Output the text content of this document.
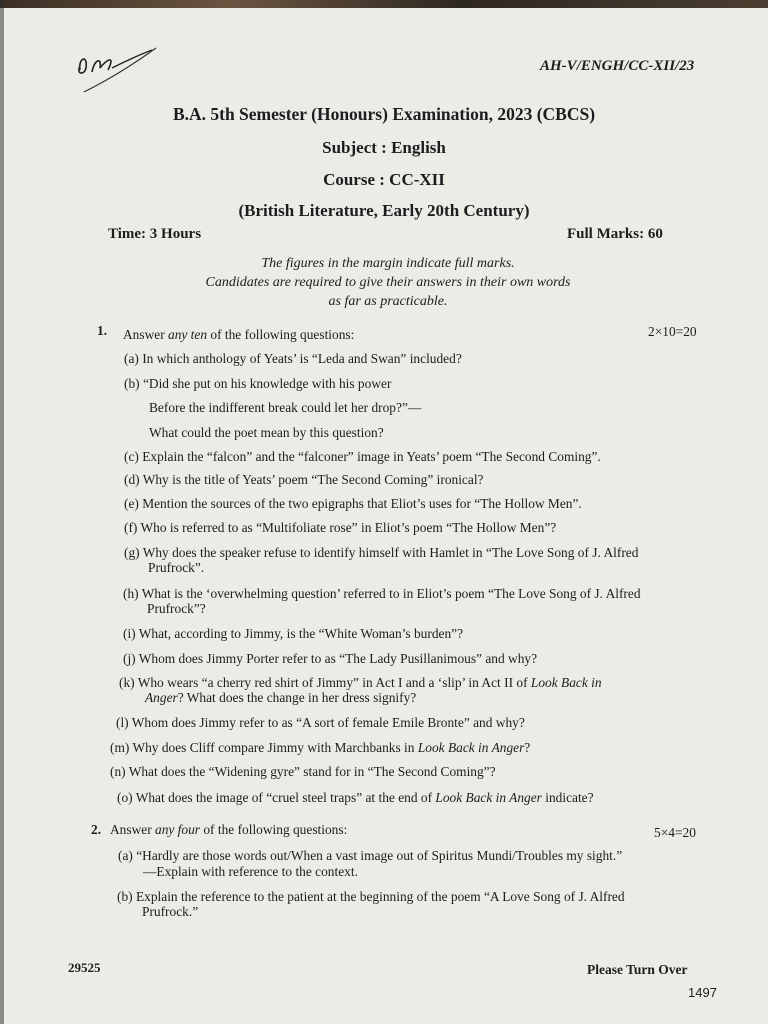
AH-V/ENGH/CC-XII/23
B.A. 5th Semester (Honours) Examination, 2023 (CBCS)
Subject : English
Course : CC-XII
(British Literature, Early 20th Century)
Time: 3 Hours	Full Marks: 60
The figures in the margin indicate full marks.
Candidates are required to give their answers in their own words
as far as practicable.
1. Answer any ten of the following questions:	2×10=20
(a) In which anthology of Yeats’ is “Leda and Swan” included?
(b) “Did she put on his knowledge with his power
Before the indifferent break could let her drop?”—
What could the poet mean by this question?
(c) Explain the “falcon” and the “falconer” image in Yeats’ poem “The Second Coming”.
(d) Why is the title of Yeats’ poem “The Second Coming” ironical?
(e) Mention the sources of the two epigraphs that Eliot’s uses for “The Hollow Men”.
(f) Who is referred to as “Multifoliate rose” in Eliot’s poem “The Hollow Men”?
(g) Why does the speaker refuse to identify himself with Hamlet in “The Love Song of J. Alfred
Prufrock”.
(h) What is the ‘overwhelming question’ referred to in Eliot’s poem “The Love Song of J. Alfred
Prufrock”?
(i) What, according to Jimmy, is the “White Woman’s burden”?
(j) Whom does Jimmy Porter refer to as “The Lady Pusillanimous” and why?
(k) Who wears “a cherry red shirt of Jimmy” in Act I and a ‘slip’ in Act II of Look Back in
Anger? What does the change in her dress signify?
(l) Whom does Jimmy refer to as “A sort of female Emile Bronte” and why?
(m) Why does Cliff compare Jimmy with Marchbanks in Look Back in Anger?
(n) What does the “Widening gyre” stand for in “The Second Coming”?
(o) What does the image of “cruel steel traps” at the end of Look Back in Anger indicate?
2. Answer any four of the following questions:	5×4=20
(a) “Hardly are those words out/When a vast image out of Spiritus Mundi/Troubles my sight.”
—Explain with reference to the context.
(b) Explain the reference to the patient at the beginning of the poem “A Love Song of J. Alfred
Prufrock.”
29525	Please Turn Over
1497
